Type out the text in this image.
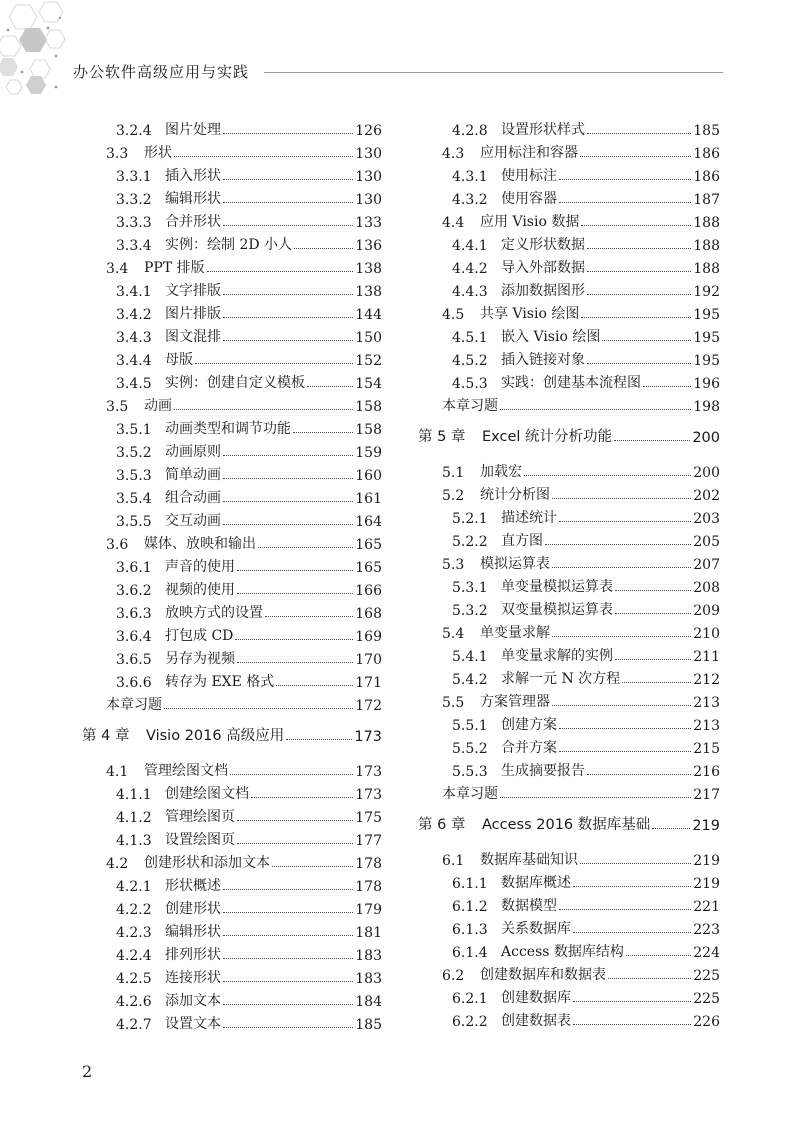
办公软件高级应用与实践
3.2.4 图片处理	126
3.3	形状	130
3.3.1 插入形状	130
3.3.2 编辑形状	130
3.3.3 合并形状	133
3.3.4 实例：绘制 2D 小人	136
3.4	PPT 排版	138
3.4.1 文字排版	138
3.4.2 图片排版	144
3.4.3 图文混排	150
3.4.4 母版	152
3.4.5 实例：创建自定义模板	154
3.5	动画	158
3.5.1 动画类型和调节功能	158
3.5.2 动画原则	159
3.5.3 简单动画	160
3.5.4 组合动画	161
3.5.5 交互动画	164
3.6	媒体、放映和输出	165
3.6.1 声音的使用	165
3.6.2 视频的使用	166
3.6.3 放映方式的设置	168
3.6.4 打包成 CD	169
3.6.5 另存为视频	170
3.6.6 转存为 EXE 格式	171
本章习题	172
第 4 章	Visio 2016 高级应用	173
4.1	管理绘图文档	173
4.1.1 创建绘图文档	173
4.1.2 管理绘图页	175
4.1.3 设置绘图页	177
4.2	创建形状和添加文本	178
4.2.1 形状概述	178
4.2.2 创建形状	179
4.2.3 编辑形状	181
4.2.4 排列形状	183
4.2.5 连接形状	183
4.2.6 添加文本	184
4.2.7 设置文本	185
4.2.8 设置形状样式	185
4.3	应用标注和容器	186
4.3.1 使用标注	186
4.3.2 使用容器	187
4.4	应用 Visio 数据	188
4.4.1 定义形状数据	188
4.4.2 导入外部数据	188
4.4.3 添加数据图形	192
4.5	共享 Visio 绘图	195
4.5.1 嵌入 Visio 绘图	195
4.5.2 插入链接对象	195
4.5.3 实践：创建基本流程图	196
本章习题	198
第 5 章	Excel 统计分析功能	200
5.1	加载宏	200
5.2	统计分析图	202
5.2.1 描述统计	203
5.2.2 直方图	205
5.3	模拟运算表	207
5.3.1 单变量模拟运算表	208
5.3.2 双变量模拟运算表	209
5.4	单变量求解	210
5.4.1 单变量求解的实例	211
5.4.2 求解一元 N 次方程	212
5.5	方案管理器	213
5.5.1 创建方案	213
5.5.2 合并方案	215
5.5.3 生成摘要报告	216
本章习题	217
第 6 章	Access 2016 数据库基础	219
6.1	数据库基础知识	219
6.1.1 数据库概述	219
6.1.2 数据模型	221
6.1.3 关系数据库	223
6.1.4 Access 数据库结构	224
6.2	创建数据库和数据表	225
6.2.1 创建数据库	225
6.2.2 创建数据表	226
2
